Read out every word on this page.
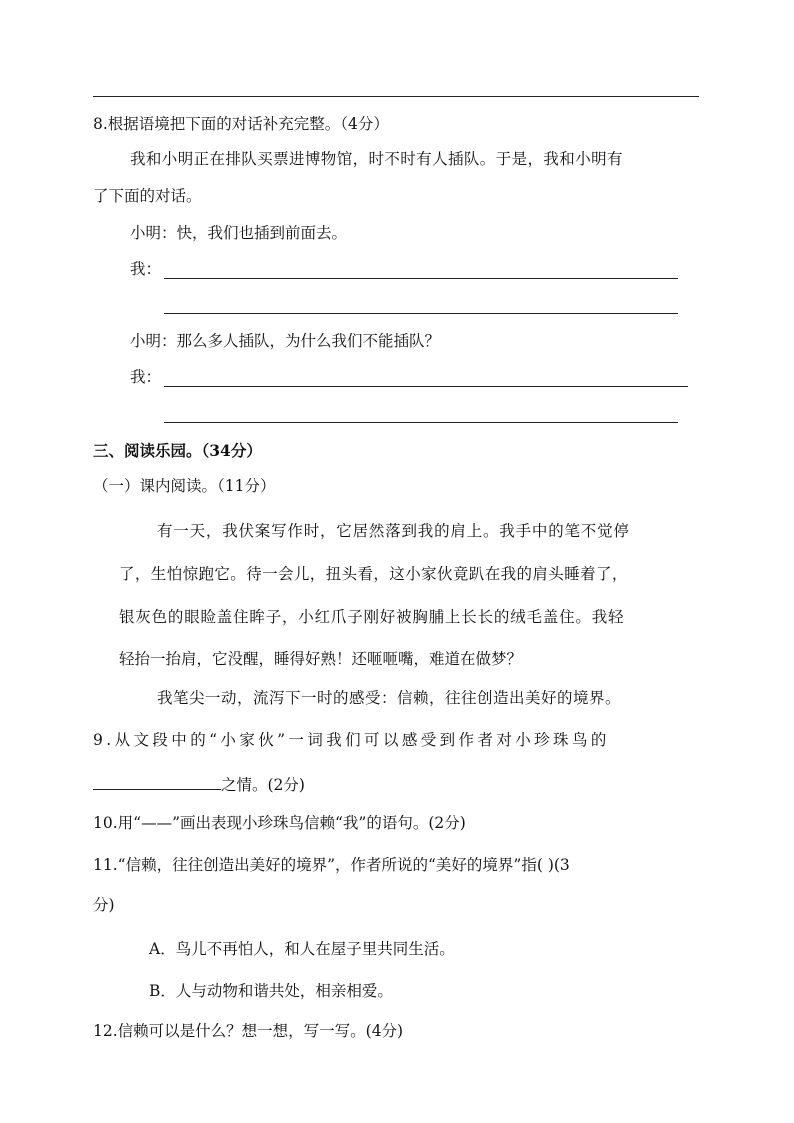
8.根据语境把下面的对话补充完整。（4分）
我和小明正在排队买票进博物馆，时不时有人插队。于是，我和小明有
了下面的对话。
小明：快，我们也插到前面去。
我：
小明：那么多人插队，为什么我们不能插队？
我：
三、阅读乐园。（34分）
（一）课内阅读。（11分）
有一天，我伏案写作时，它居然落到我的肩上。我手中的笔不觉停
了，生怕惊跑它。待一会儿，扭头看，这小家伙竟趴在我的肩头睡着了，
银灰色的眼睑盖住眸子，小红爪子刚好被胸脯上长长的绒毛盖住。我轻
轻抬一抬肩，它没醒，睡得好熟！还咂咂嘴，难道在做梦？
我笔尖一动，流泻下一时的感受：信赖，往往创造出美好的境界。
9.从文段中的“小家伙”一词我们可以感受到作者对小珍珠鸟的
之情。(2分)
10.用“——”画出表现小珍珠鸟信赖“我”的语句。(2分)
11.“信赖，往往创造出美好的境界”，作者所说的“美好的境界”指( )(3
分)
A．鸟儿不再怕人，和人在屋子里共同生活。
B．人与动物和谐共处，相亲相爱。
12.信赖可以是什么？想一想，写一写。(4分)
